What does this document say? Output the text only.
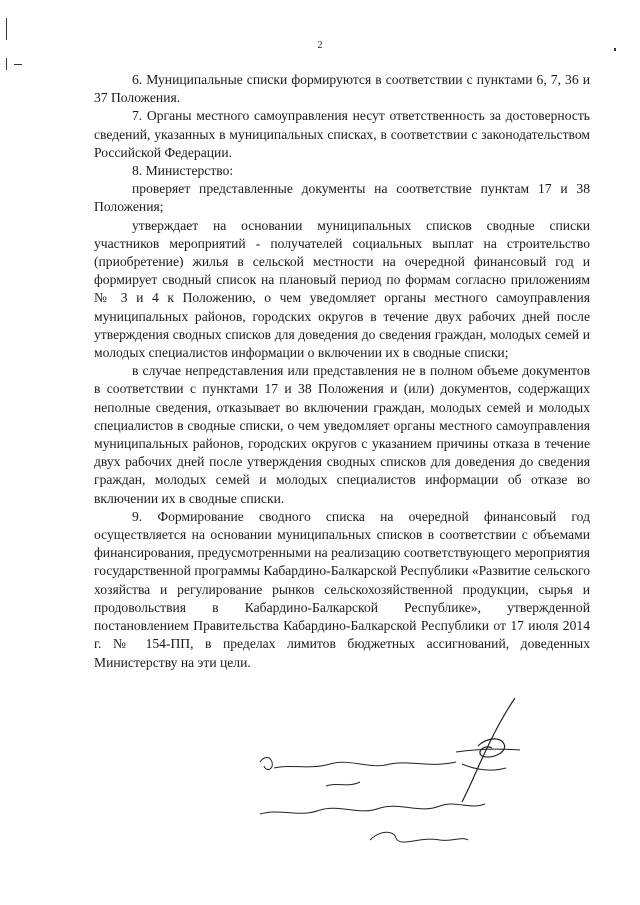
2

6. Муниципальные списки формируются в соответствии с пунктами 6, 7, 36 и 37 Положения.

7. Органы местного самоуправления несут ответственность за достоверность сведений, указанных в муниципальных списках, в соответствии с законодательством Российской Федерации.

8. Министерство:

проверяет представленные документы на соответствие пунктам 17 и 38 Положения;

утверждает на основании муниципальных списков сводные списки участников мероприятий - получателей социальных выплат на строительство (приобретение) жилья в сельской местности на очередной финансовый год и формирует сводный список на плановый период по формам согласно приложениям № 3 и 4 к Положению, о чем уведомляет органы местного самоуправления муниципальных районов, городских округов в течение двух рабочих дней после утверждения сводных списков для доведения до сведения граждан, молодых семей и молодых специалистов информации о включении их в сводные списки;

в случае непредставления или представления не в полном объеме документов в соответствии с пунктами 17 и 38 Положения и (или) документов, содержащих неполные сведения, отказывает во включении граждан, молодых семей и молодых специалистов в сводные списки, о чем уведомляет органы местного самоуправления муниципальных районов, городских округов с указанием причины отказа в течение двух рабочих дней после утверждения сводных списков для доведения до сведения граждан, молодых семей и молодых специалистов информации об отказе во включении их в сводные списки.

9. Формирование сводного списка на очередной финансовый год осуществляется на основании муниципальных списков в соответствии с объемами финансирования, предусмотренными на реализацию соответствующего мероприятия государственной программы Кабардино-Балкарской Республики «Развитие сельского хозяйства и регулирование рынков сельскохозяйственной продукции, сырья и продовольствия в Кабардино-Балкарской Республике», утвержденной постановлением Правительства Кабардино-Балкарской Республики от 17 июля 2014 г. № 154-ПП, в пределах лимитов бюджетных ассигнований, доведенных Министерству на эти цели.
